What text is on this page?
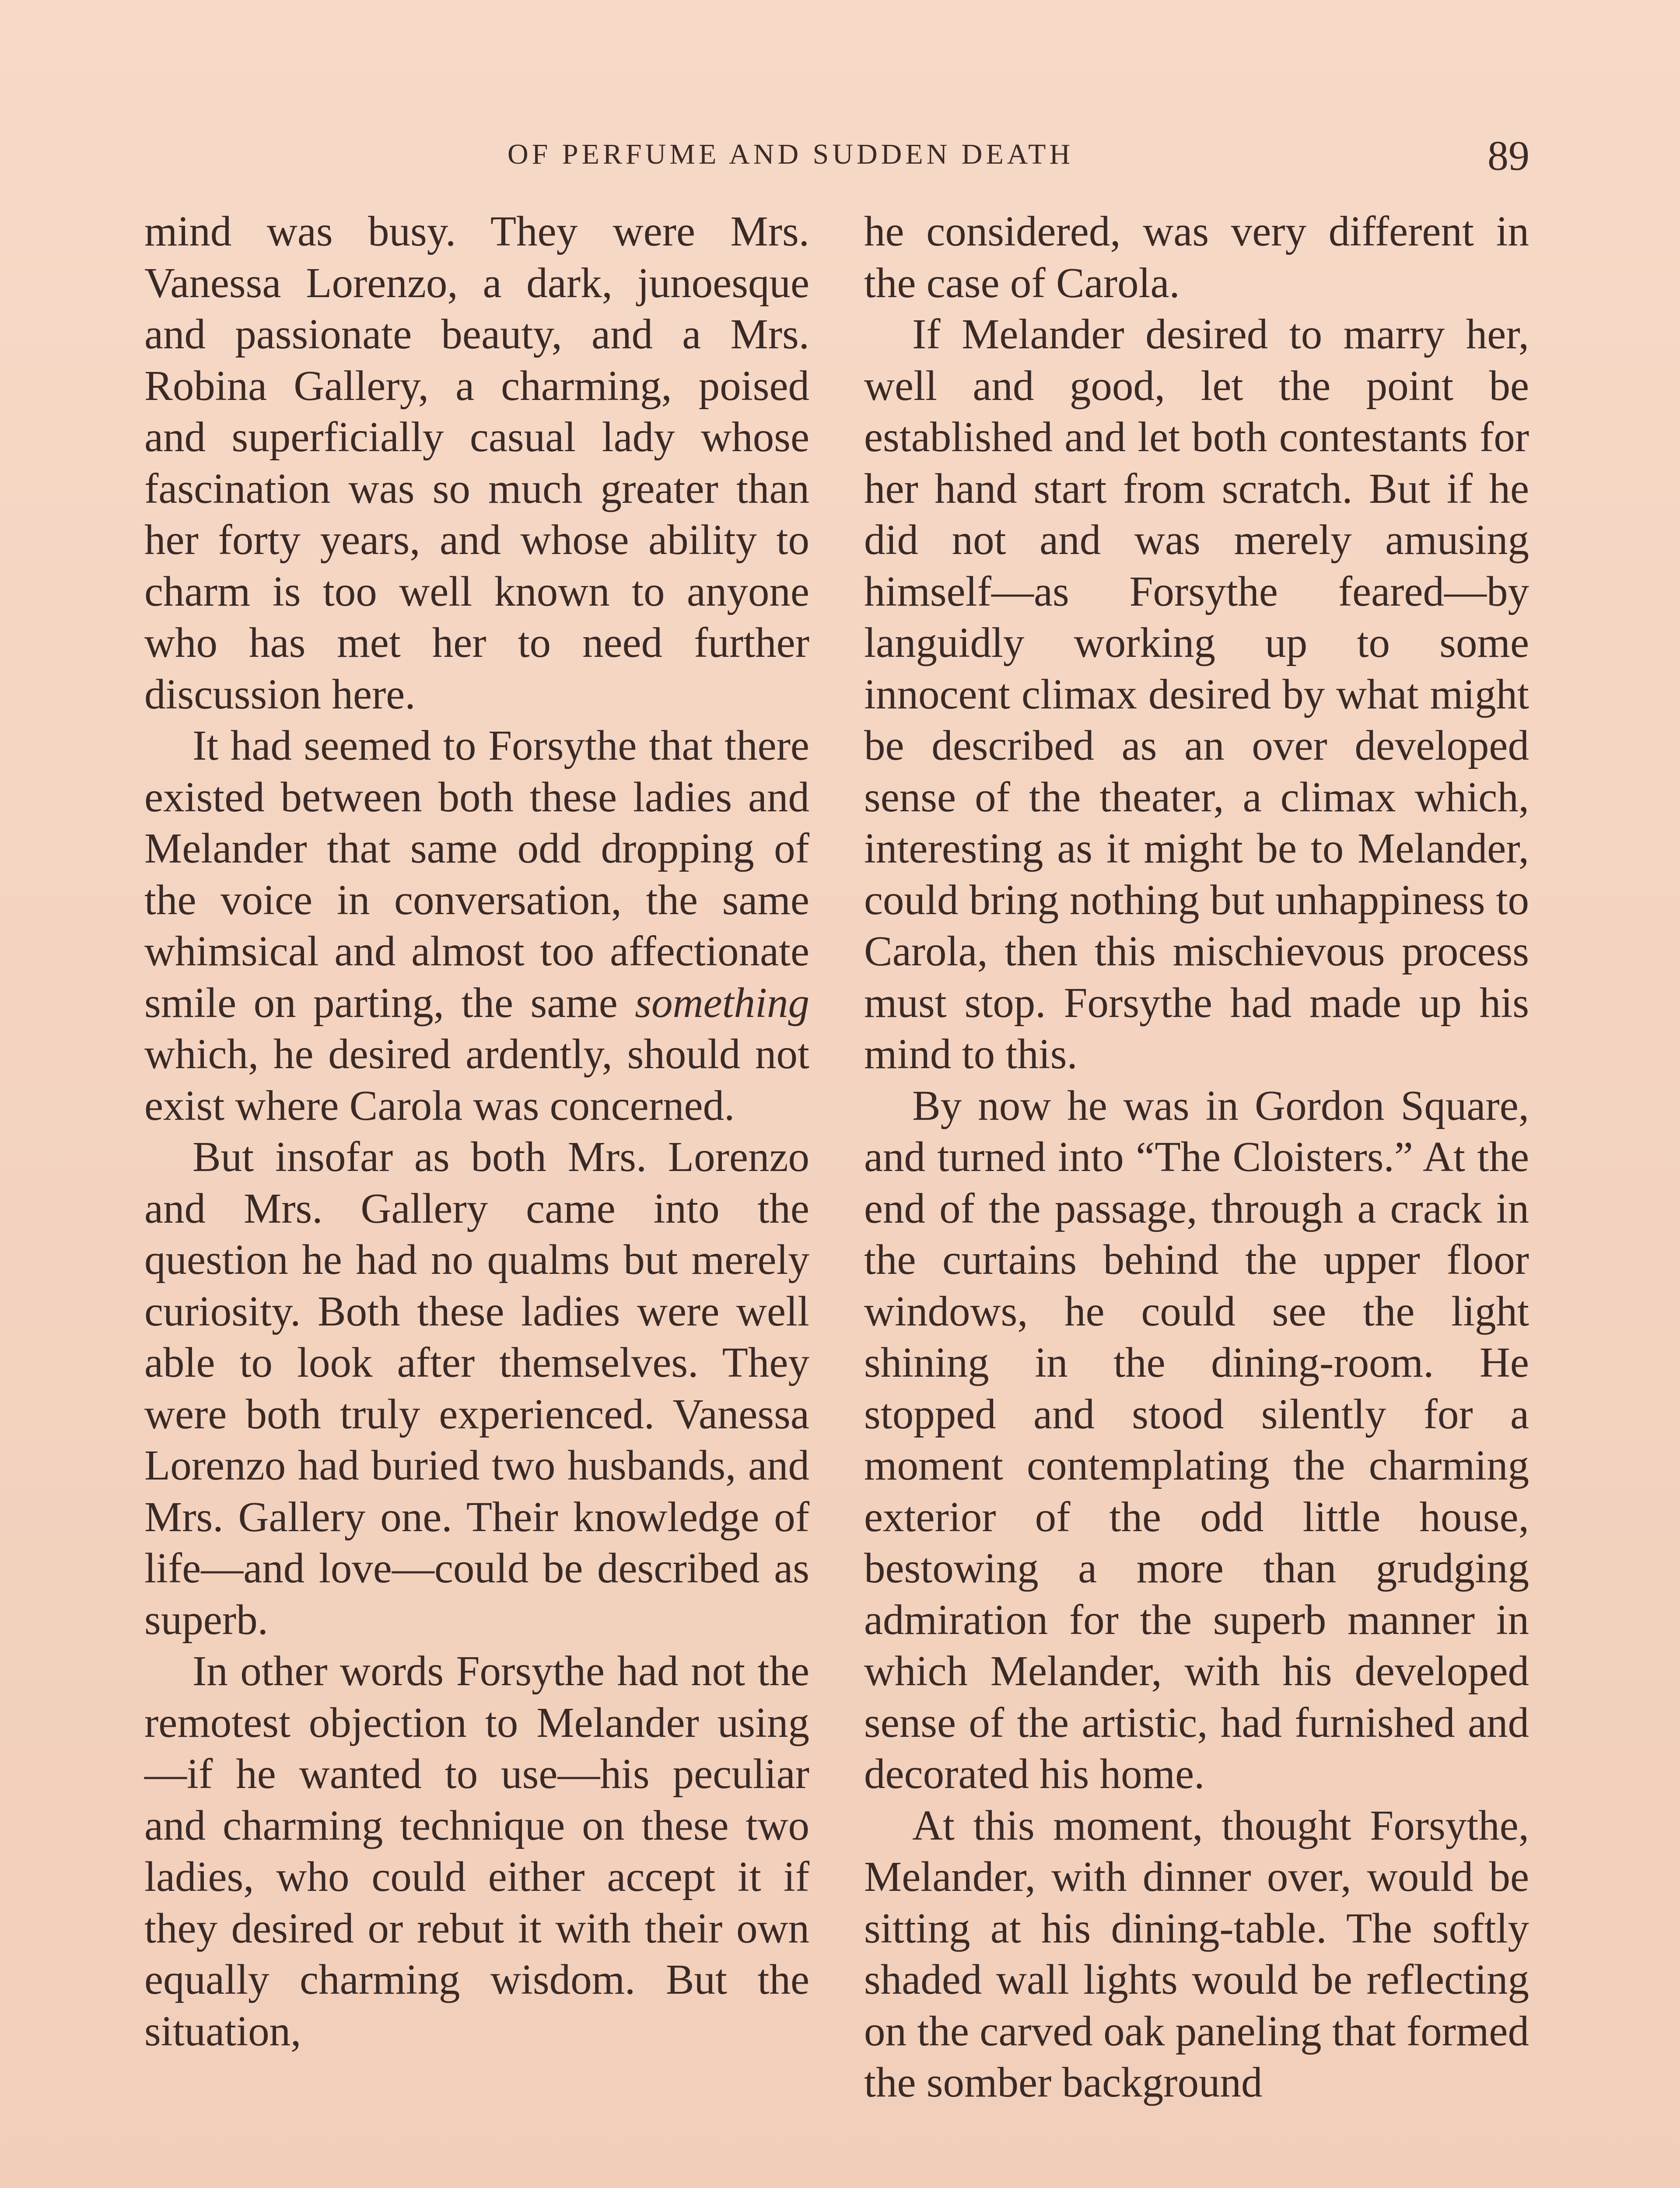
OF PERFUME AND SUDDEN DEATH	89

mind was busy. They were Mrs. Vanessa Lorenzo, a dark, junoesque and passionate beauty, and a Mrs. Robina Gallery, a charming, poised and superficially casual lady whose fascination was so much greater than her forty years, and whose ability to charm is too well known to anyone who has met her to need further discussion here.

It had seemed to Forsythe that there existed between both these ladies and Melander that same odd dropping of the voice in conversation, the same whimsical and almost too affectionate smile on parting, the same something which, he desired ardently, should not exist where Carola was concerned.

But insofar as both Mrs. Lorenzo and Mrs. Gallery came into the question he had no qualms but merely curiosity. Both these ladies were well able to look after themselves. They were both truly experienced. Vanessa Lorenzo had buried two husbands, and Mrs. Gallery one. Their knowledge of life—and love—could be described as superb.

In other words Forsythe had not the remotest objection to Melander using—if he wanted to use—his peculiar and charming technique on these two ladies, who could either accept it if they desired or rebut it with their own equally charming wisdom. But the situation,

he considered, was very different in the case of Carola.

If Melander desired to marry her, well and good, let the point be established and let both contestants for her hand start from scratch. But if he did not and was merely amusing himself—as Forsythe feared—by languidly working up to some innocent climax desired by what might be described as an over developed sense of the theater, a climax which, interesting as it might be to Melander, could bring nothing but unhappiness to Carola, then this mischievous process must stop. Forsythe had made up his mind to this.

By now he was in Gordon Square, and turned into “The Cloisters.” At the end of the passage, through a crack in the curtains behind the upper floor windows, he could see the light shining in the dining-room. He stopped and stood silently for a moment contemplating the charming exterior of the odd little house, bestowing a more than grudging admiration for the superb manner in which Melander, with his developed sense of the artistic, had furnished and decorated his home.

At this moment, thought Forsythe, Melander, with dinner over, would be sitting at his dining-table. The softly shaded wall lights would be reflecting on the carved oak paneling that formed the somber background
